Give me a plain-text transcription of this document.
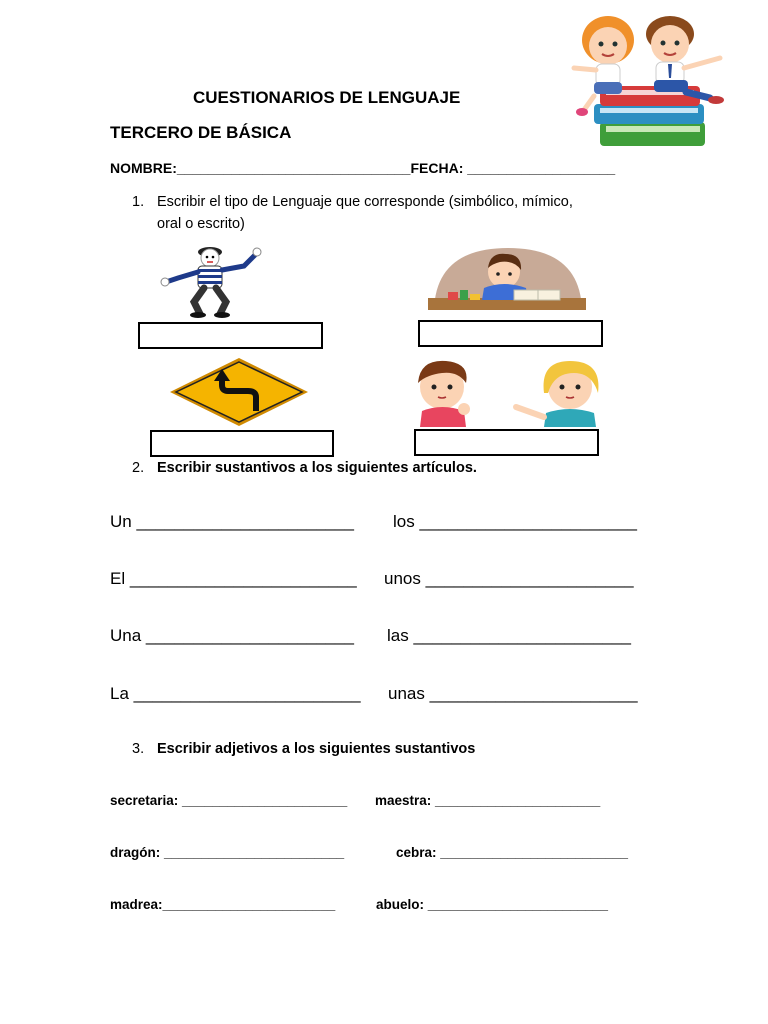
CUESTIONARIOS DE LENGUAJE
TERCERO DE BÁSICA
NOMBRE:______________________________FECHA: ___________________
1. Escribir el tipo de Lenguaje que corresponde (simbólico, mímico,
oral o escrito)
2. Escribir sustantivos a los siguientes artículos.
Un _______________________ los _______________________
El ________________________ unos ______________________
Una ______________________ las _______________________
La ________________________ unas ______________________
3. Escribir adjetivos a los siguientes sustantivos
secretaria: ______________________ maestra: ______________________
dragón: ________________________	cebra: _________________________
madrea:_______________________	abuelo: ________________________
